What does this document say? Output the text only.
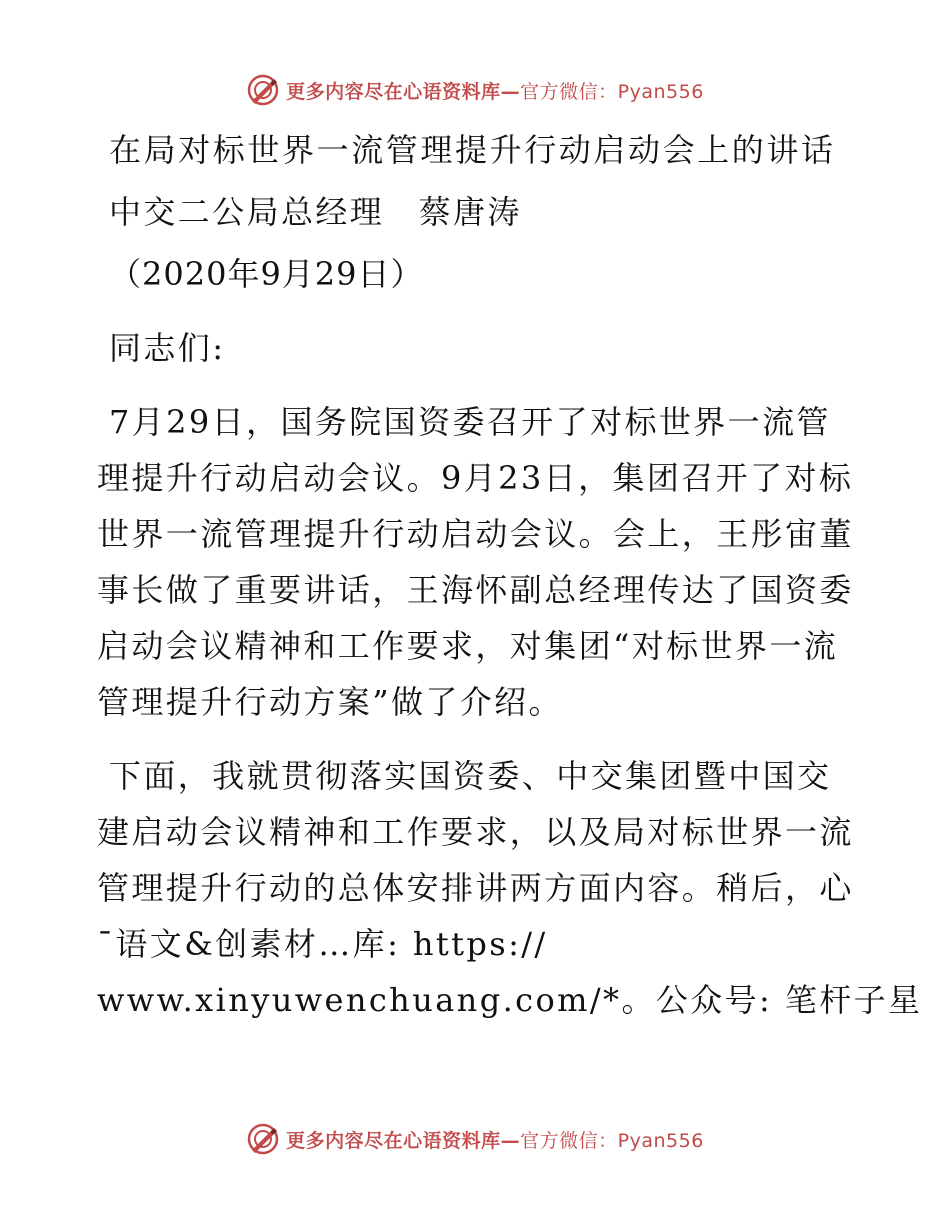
更多内容尽在心语资料库—官方微信：Pyan556
在局对标世界一流管理提升行动启动会上的讲话
中交二公局总经理　蔡唐涛
（2020年9月29日）
同志们:
7月29日，国务院国资委召开了对标世界一流管
理提升行动启动会议。9月23日，集团召开了对标
世界一流管理提升行动启动会议。会上，王彤宙董
事长做了重要讲话，王海怀副总经理传达了国资委
启动会议精神和工作要求，对集团“对标世界一流
管理提升行动方案”做了介绍。
下面，我就贯彻落实国资委、中交集团暨中国交
建启动会议精神和工作要求，以及局对标世界一流
管理提升行动的总体安排讲两方面内容。稍后，心
¯语文&创素材…库: https://
www.xinyuwenchuang.com/*。公众号: 笔杆子星
更多内容尽在心语资料库—官方微信：Pyan556
